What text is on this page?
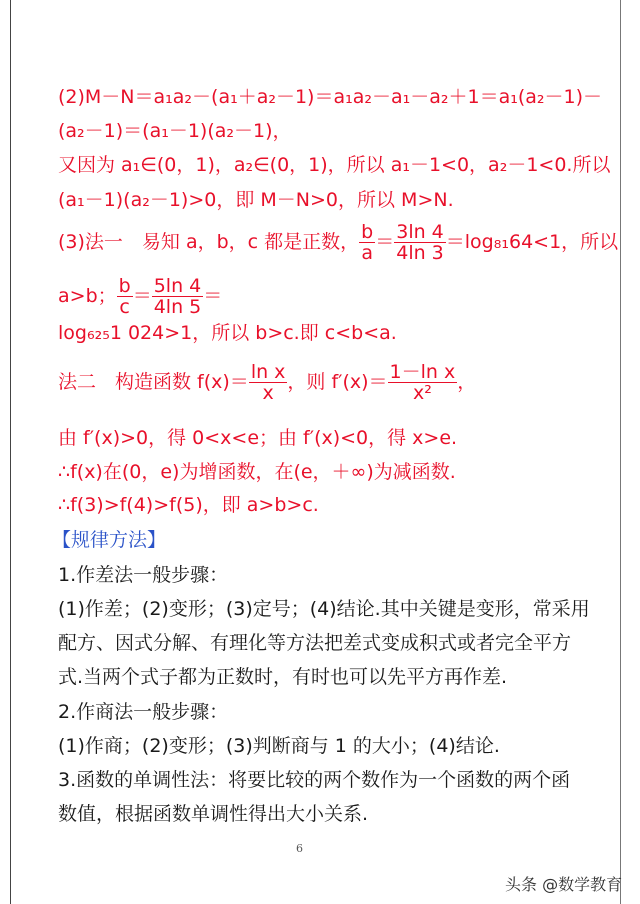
(2)M－N＝a₁a₂－(a₁＋a₂－1)＝a₁a₂－a₁－a₂＋1＝a₁(a₂－1)－
(a₂－1)＝(a₁－1)(a₂－1)，
又因为 a₁∈(0，1)，a₂∈(0，1)，所以 a₁－1<0，a₂－1<0.所以
(a₁－1)(a₂－1)>0，即 M－N>0，所以 M>N.
(3)法一　易知 a，b，c 都是正数， $\frac{b}{a} = \frac{3\ln 4}{4\ln 3} =\log_{81}64<1$，所以
a>b； $\frac{b}{c} = \frac{5\ln 4}{4\ln 5}$ ＝
log₆₂₅1 024>1，所以 b>c.即 c<b<a.
法二　构造函数 $f(x)= \frac{\text{ln x}}{x}$ ，则 $f'(x)= \frac{\text{1－ln x}}{\text{x²}}$ ，
由 f′(x)>0，得 0<x<e；由 f′(x)<0，得 x>e.
∴f(x)在(0，e)为增函数，在(e，＋∞)为减函数.
∴f(3)>f(4)>f(5)，即 a>b>c.
【规律方法】
1.作差法一般步骤：
(1)作差；(2)变形；(3)定号；(4)结论.其中关键是变形，常采用
配方、因式分解、有理化等方法把差式变成积式或者完全平方
式.当两个式子都为正数时，有时也可以先平方再作差.
2.作商法一般步骤：
(1)作商；(2)变形；(3)判断商与 1 的大小；(4)结论.
3.函数的单调性法：将要比较的两个数作为一个函数的两个函
数值，根据函数单调性得出大小关系.
6
头条 @数学教育
